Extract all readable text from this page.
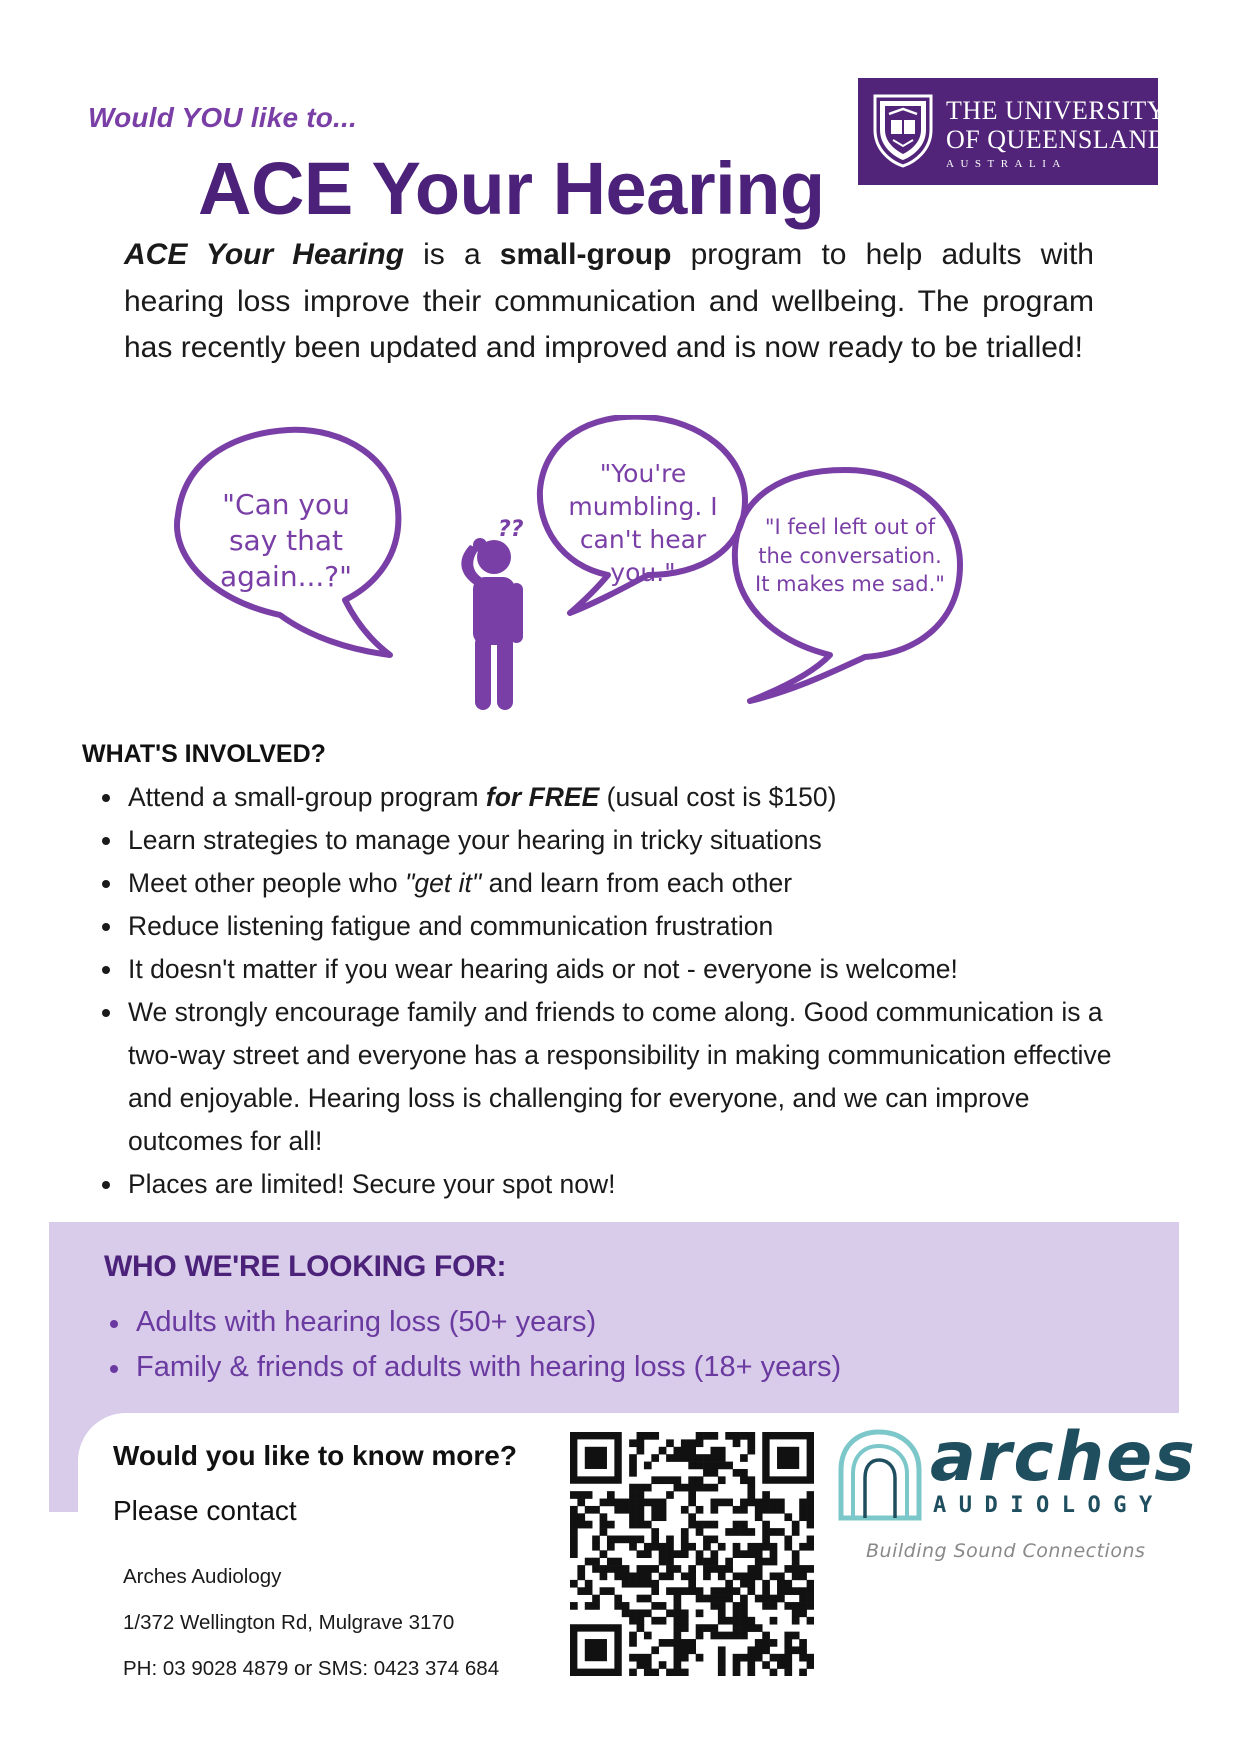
Would YOU like to...
ACE Your Hearing
THE UNIVERSITY
OF QUEENSLAND
AUSTRALIA
ACE Your Hearing is a small-group program to help adults with hearing loss improve their communication and wellbeing. The program has recently been updated and improved and is now ready to be trialled!
??
"Can you say that again...?"
"You're mumbling. I can't hear you."
"I feel left out of the conversation. It makes me sad."
WHAT'S INVOLVED?
Attend a small-group program for FREE (usual cost is $150)
Learn strategies to manage your hearing in tricky situations
Meet other people who "get it" and learn from each other
Reduce listening fatigue and communication frustration
It doesn't matter if you wear hearing aids or not - everyone is welcome!
We strongly encourage family and friends to come along. Good communication is a two-way street and everyone has a responsibility in making communication effective and enjoyable. Hearing loss is challenging for everyone, and we can improve outcomes for all!
Places are limited! Secure your spot now!
WHO WE'RE LOOKING FOR:
Adults with hearing loss (50+ years)
Family & friends of adults with hearing loss (18+ years)
Would you like to know more?
Please contact
Arches Audiology
1/372 Wellington Rd, Mulgrave 3170
PH: 03 9028 4879 or SMS: 0423 374 684
arches
AUDIOLOGY
Building Sound Connections
